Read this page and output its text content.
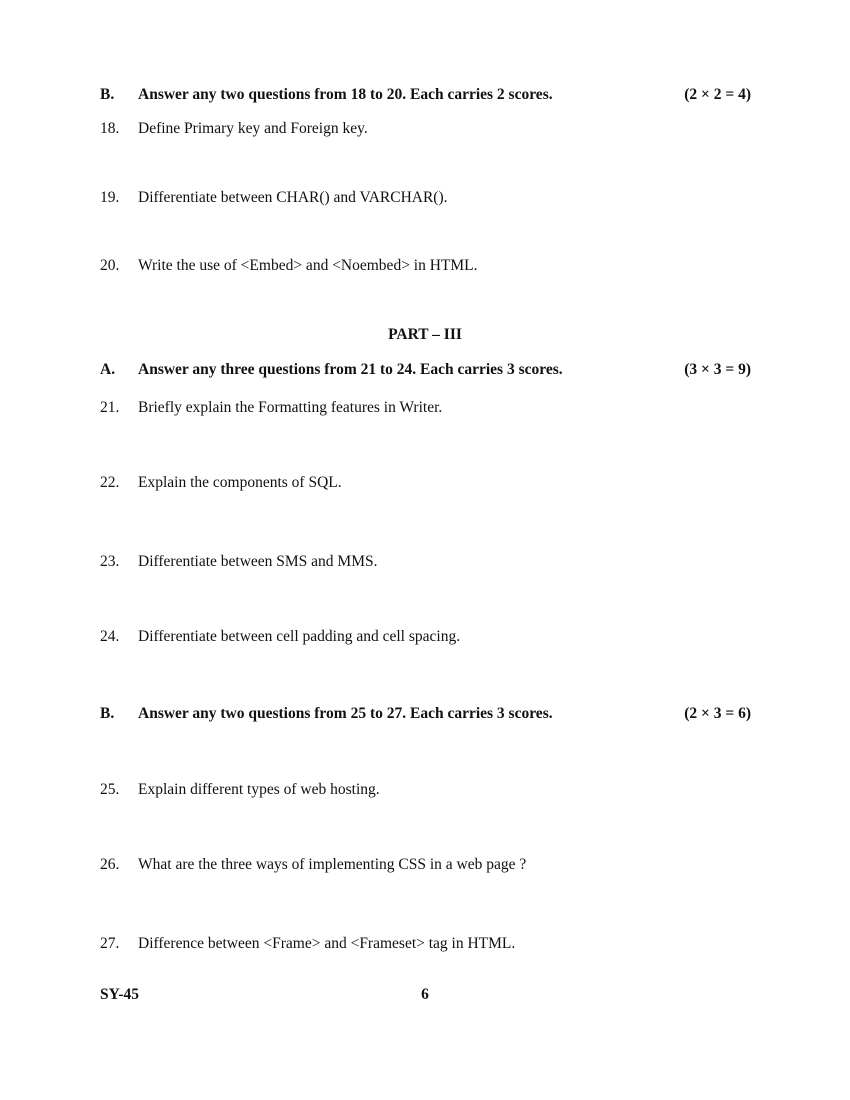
B. Answer any two questions from 18 to 20. Each carries 2 scores.	(2 × 2 = 4)
18. Define Primary key and Foreign key.
19. Differentiate between CHAR() and VARCHAR().
20. Write the use of <Embed> and <Noembed> in HTML.
PART – III
A. Answer any three questions from 21 to 24. Each carries 3 scores.	(3 × 3 = 9)
21. Briefly explain the Formatting features in Writer.
22. Explain the components of SQL.
23. Differentiate between SMS and MMS.
24. Differentiate between cell padding and cell spacing.
B. Answer any two questions from 25 to 27. Each carries 3 scores.	(2 × 3 = 6)
25. Explain different types of web hosting.
26. What are the three ways of implementing CSS in a web page ?
27. Difference between <Frame> and <Frameset> tag in HTML.
SY-45	6
